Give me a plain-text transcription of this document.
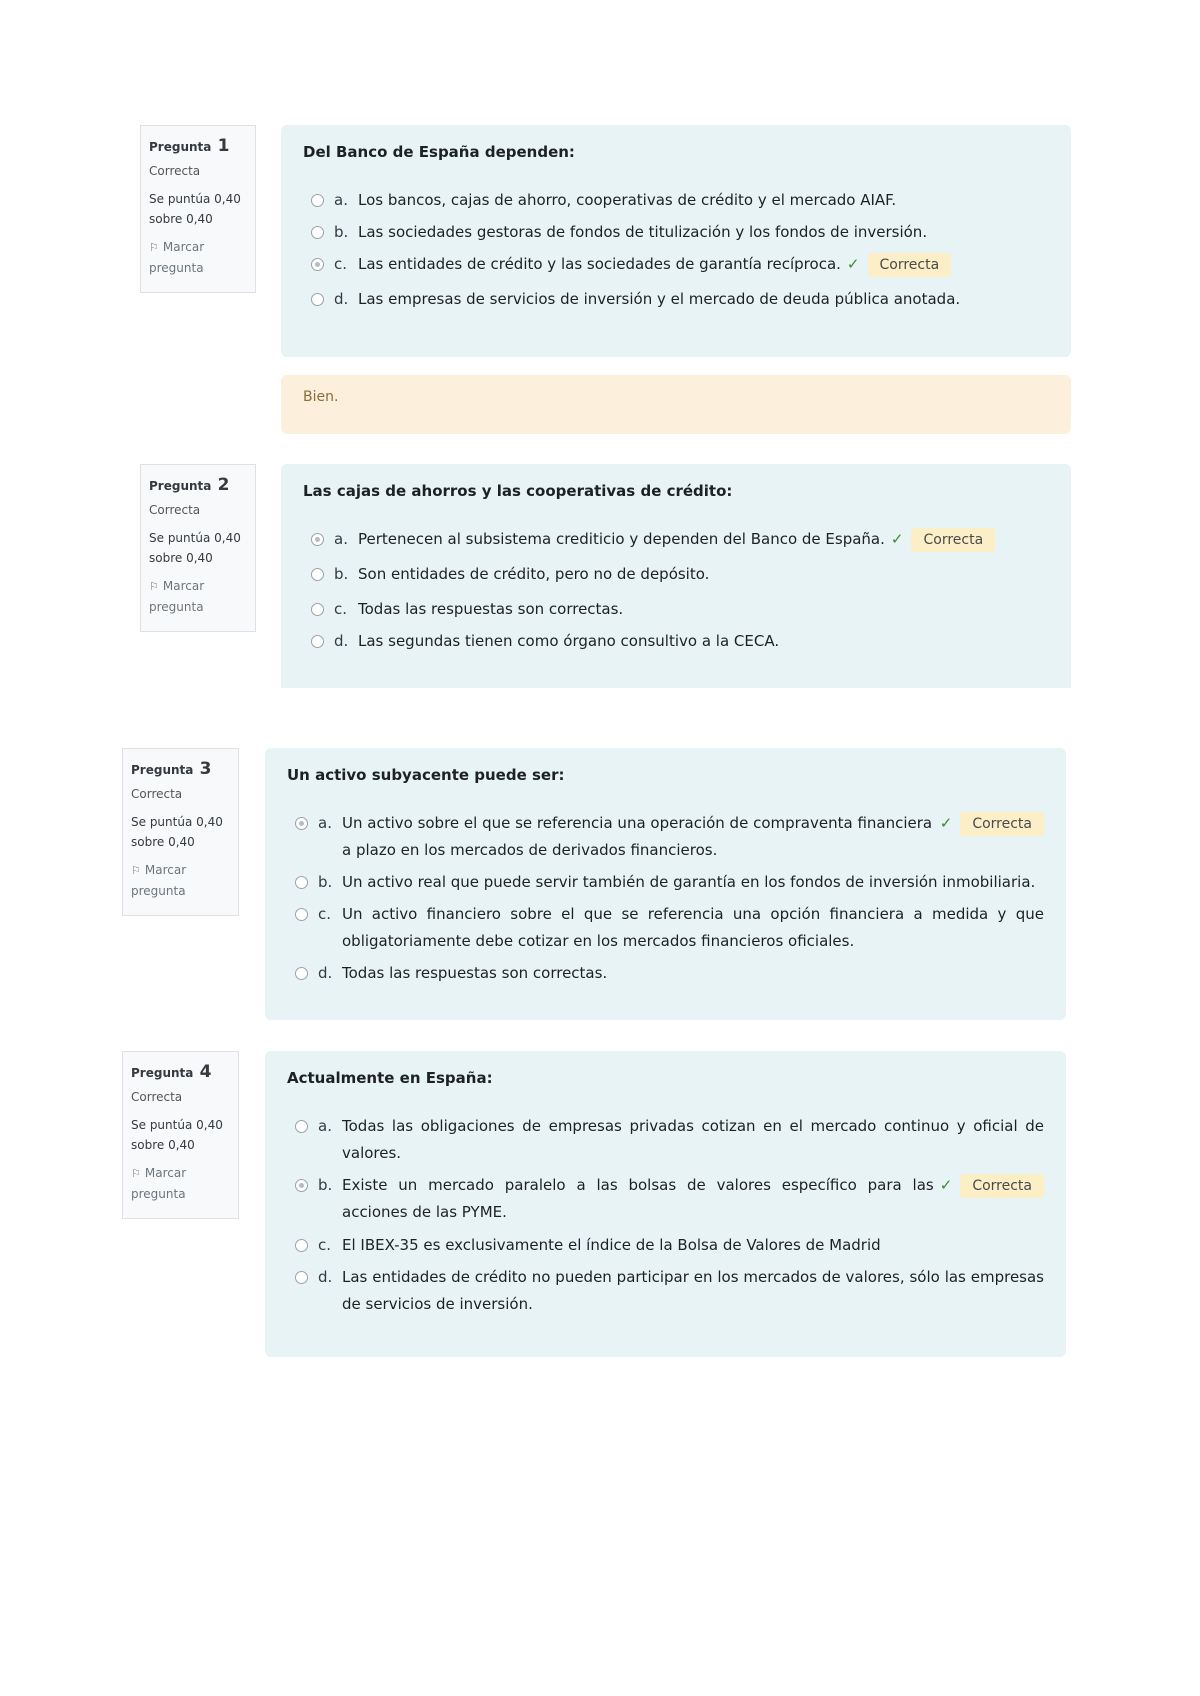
Pregunta 1
Correcta
Se puntúa 0,40 sobre 0,40
⚐ Marcar pregunta
Del Banco de España dependen:
a. Los bancos, cajas de ahorro, cooperativas de crédito y el mercado AIAF.
b. Las sociedades gestoras de fondos de titulización y los fondos de inversión.
c. Las entidades de crédito y las sociedades de garantía recíproca. ✓ Correcta
d. Las empresas de servicios de inversión y el mercado de deuda pública anotada.
Bien.
Pregunta 2
Correcta
Se puntúa 0,40 sobre 0,40
⚐ Marcar pregunta
Las cajas de ahorros y las cooperativas de crédito:
a. Pertenecen al subsistema crediticio y dependen del Banco de España. ✓ Correcta
b. Son entidades de crédito, pero no de depósito.
c. Todas las respuestas son correctas.
d. Las segundas tienen como órgano consultivo a la CECA.
Pregunta 3
Correcta
Se puntúa 0,40 sobre 0,40
⚐ Marcar pregunta
Un activo subyacente puede ser:
a. Un activo sobre el que se referencia una operación de compraventa financiera a plazo en los mercados de derivados financieros.
✓ Correcta
b. Un activo real que puede servir también de garantía en los fondos de inversión inmobiliaria.
c. Un activo financiero sobre el que se referencia una opción financiera a medida y que obligatoriamente debe cotizar en los mercados financieros oficiales.
d. Todas las respuestas son correctas.
Pregunta 4
Correcta
Se puntúa 0,40 sobre 0,40
⚐ Marcar pregunta
Actualmente en España:
a. Todas las obligaciones de empresas privadas cotizan en el mercado continuo y oficial de valores.
b. Existe un mercado paralelo a las bolsas de valores específico para las acciones de las PYME.
✓ Correcta
c. El IBEX-35 es exclusivamente el índice de la Bolsa de Valores de Madrid
d. Las entidades de crédito no pueden participar en los mercados de valores, sólo las empresas de servicios de inversión.
